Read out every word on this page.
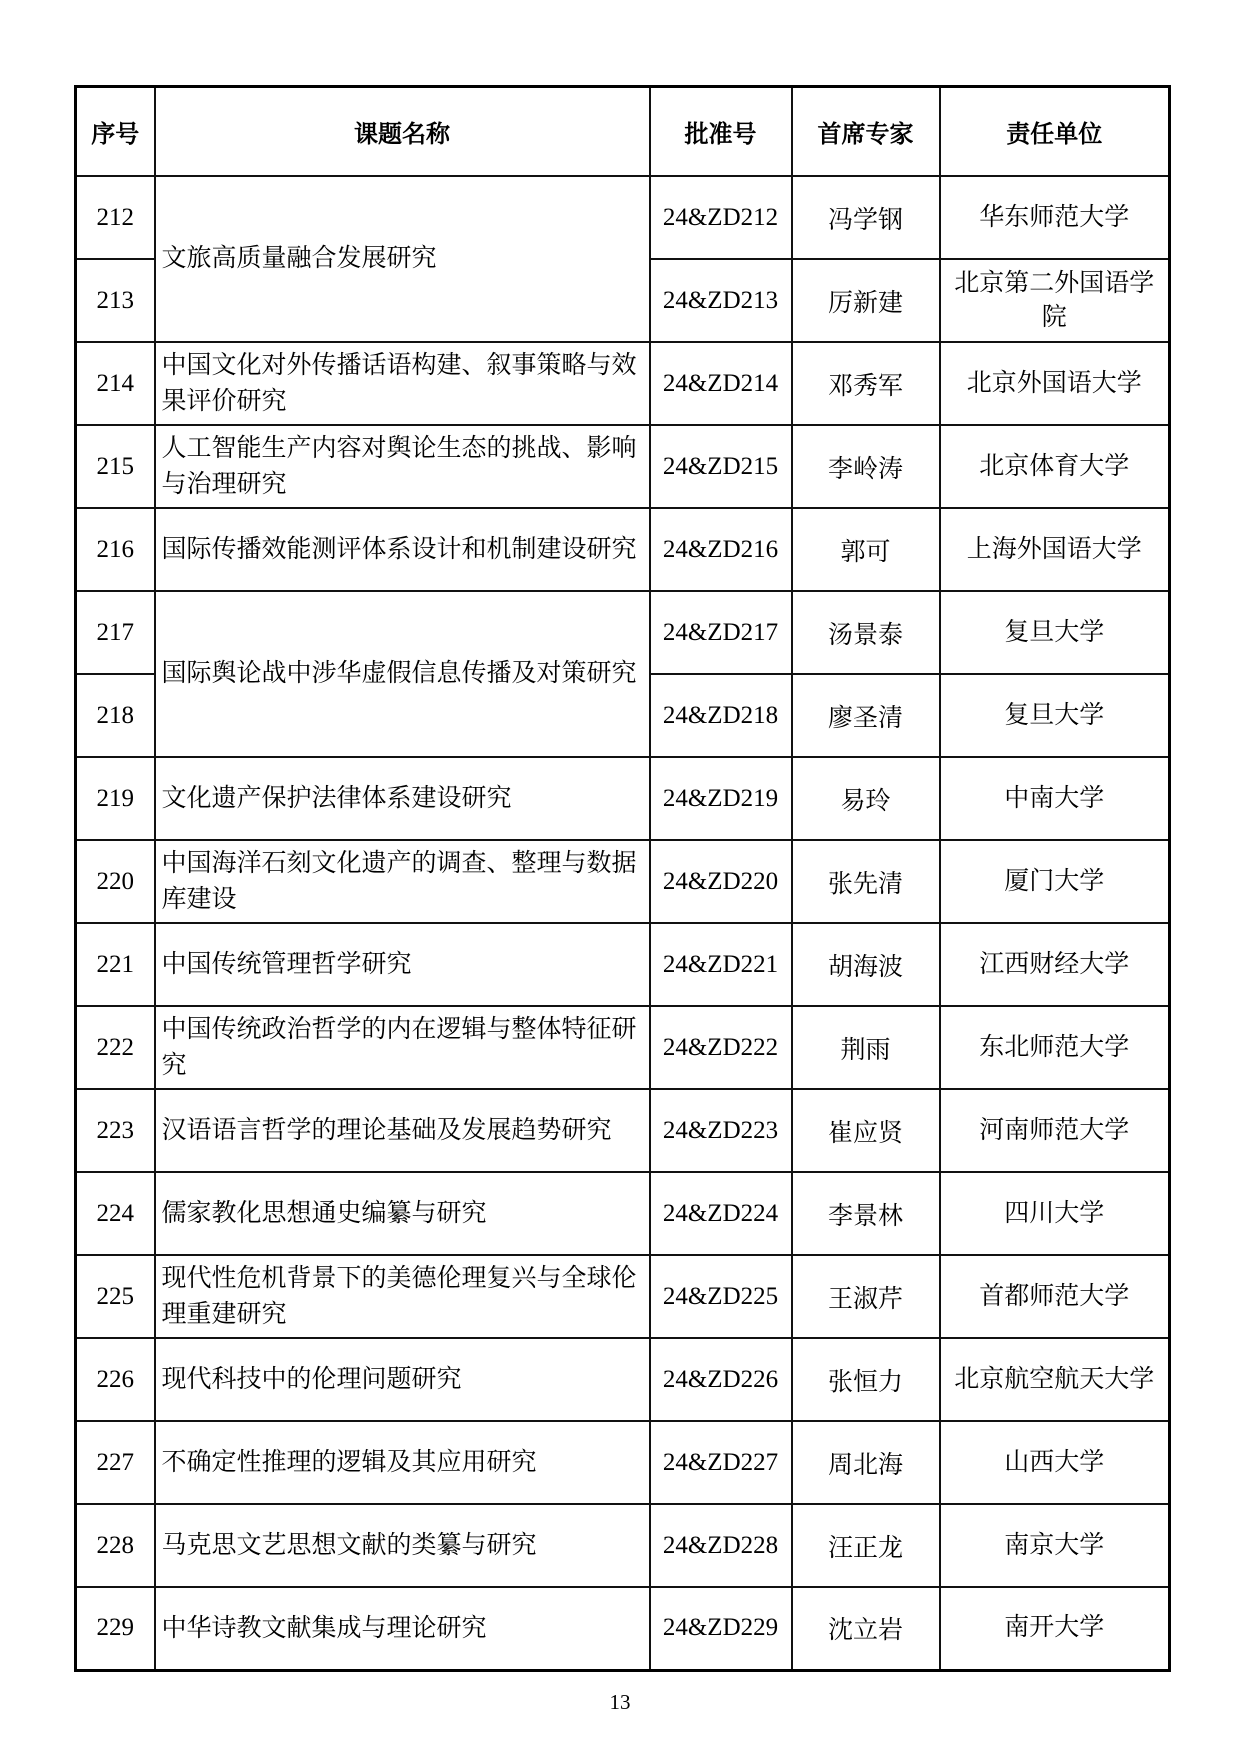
序号	课题名称	批准号	首席专家	责任单位
212	文旅高质量融合发展研究	24&ZD212	冯学钢	华东师范大学
213		24&ZD213	厉新建	北京第二外国语学院
214	中国文化对外传播话语构建、叙事策略与效果评价研究	24&ZD214	邓秀军	北京外国语大学
215	人工智能生产内容对舆论生态的挑战、影响与治理研究	24&ZD215	李岭涛	北京体育大学
216	国际传播效能测评体系设计和机制建设研究	24&ZD216	郭可	上海外国语大学
217	国际舆论战中涉华虚假信息传播及对策研究	24&ZD217	汤景泰	复旦大学
218		24&ZD218	廖圣清	复旦大学
219	文化遗产保护法律体系建设研究	24&ZD219	易玲	中南大学
220	中国海洋石刻文化遗产的调查、整理与数据库建设	24&ZD220	张先清	厦门大学
221	中国传统管理哲学研究	24&ZD221	胡海波	江西财经大学
222	中国传统政治哲学的内在逻辑与整体特征研究	24&ZD222	荆雨	东北师范大学
223	汉语语言哲学的理论基础及发展趋势研究	24&ZD223	崔应贤	河南师范大学
224	儒家教化思想通史编纂与研究	24&ZD224	李景林	四川大学
225	现代性危机背景下的美德伦理复兴与全球伦理重建研究	24&ZD225	王淑芹	首都师范大学
226	现代科技中的伦理问题研究	24&ZD226	张恒力	北京航空航天大学
227	不确定性推理的逻辑及其应用研究	24&ZD227	周北海	山西大学
228	马克思文艺思想文献的类纂与研究	24&ZD228	汪正龙	南京大学
229	中华诗教文献集成与理论研究	24&ZD229	沈立岩	南开大学
13
